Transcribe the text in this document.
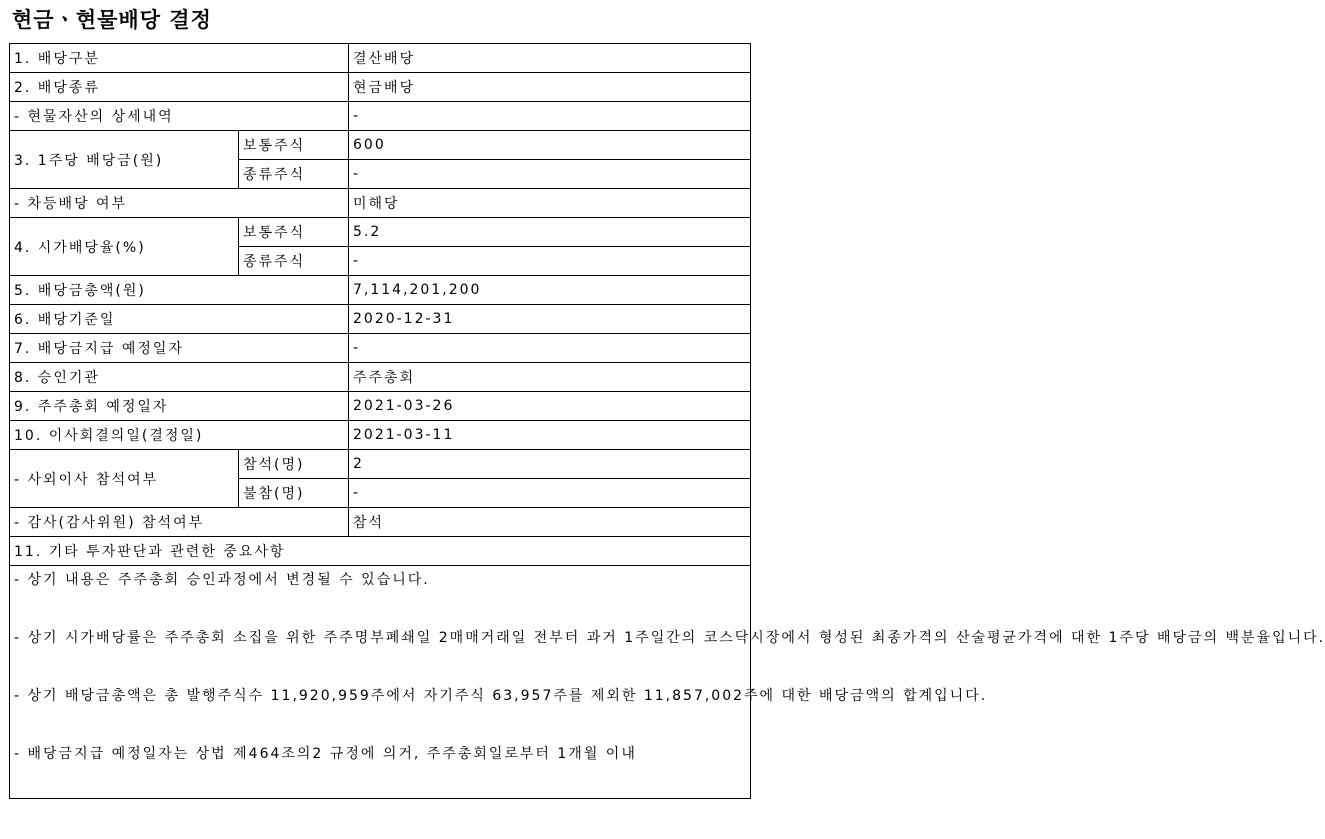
현금ㆍ현물배당 결정
1. 배당구분		결산배당
2. 배당종류		현금배당
- 현물자산의 상세내역		-
3. 1주당 배당금(원)	보통주식	600
	종류주식	-
- 차등배당 여부		미해당
4. 시가배당율(%)	보통주식	5.2
	종류주식	-
5. 배당금총액(원)		7,114,201,200
6. 배당기준일		2020-12-31
7. 배당금지급 예정일자		-
8. 승인기관		주주총회
9. 주주총회 예정일자		2021-03-26
10. 이사회결의일(결정일)		2021-03-11
- 사외이사 참석여부	참석(명)	2
	불참(명)	-
- 감사(감사위원) 참석여부		참석
11. 기타 투자판단과 관련한 중요사항		

- 상기 내용은 주주총회 승인과정에서 변경될 수 있습니다.
- 상기 시가배당률은 주주총회 소집을 위한 주주명부폐쇄일 2매매거래일 전부터 과거 1주일간의 코스닥시장에서 형성된 최종가격의 산술평균가격에 대한 1주당 배당금의 백분율입니다.
- 상기 배당금총액은 총 발행주식수 11,920,959주에서 자기주식 63,957주를 제외한 11,857,002주에 대한 배당금액의 합계입니다.
- 배당금지급 예정일자는 상법 제464조의2 규정에 의거, 주주총회일로부터 1개월 이내		
